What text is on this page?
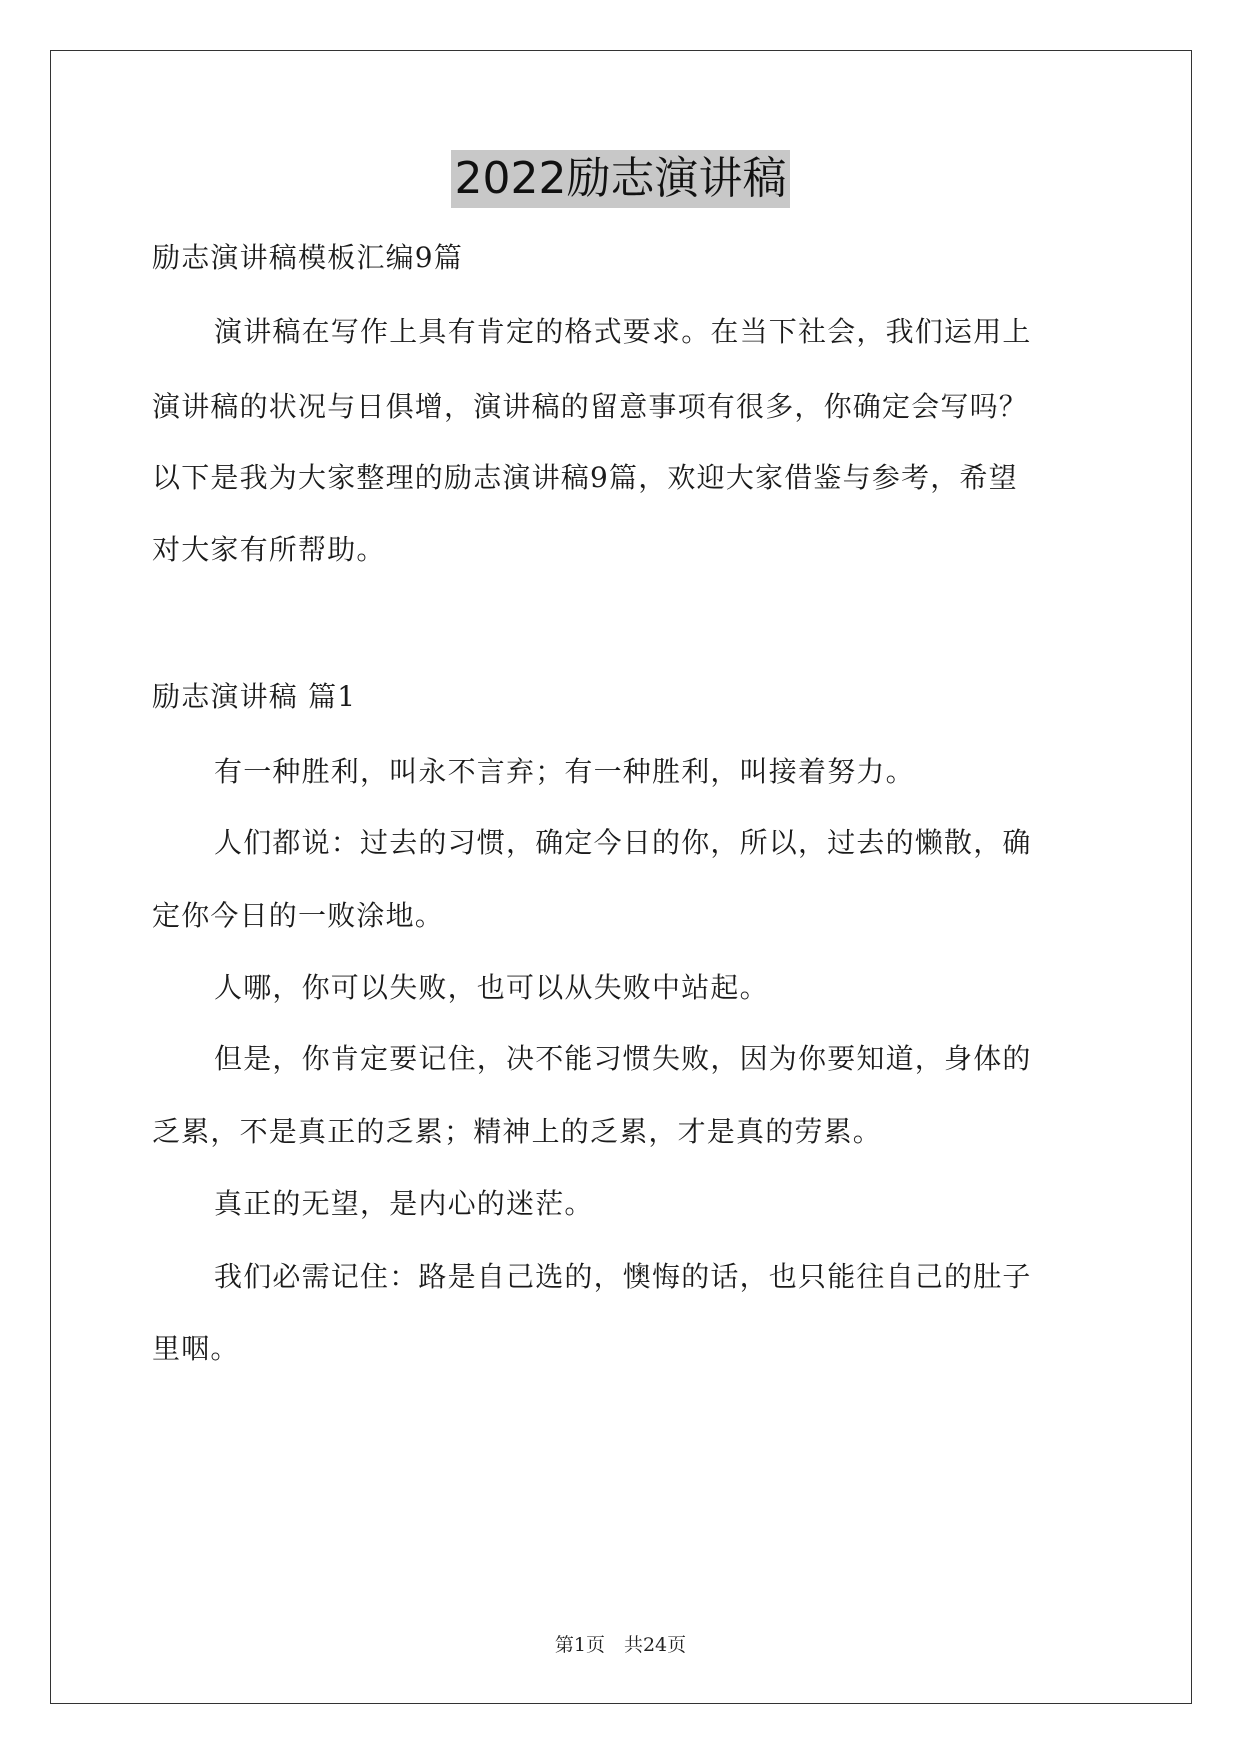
2022励志演讲稿
励志演讲稿模板汇编9篇
演讲稿在写作上具有肯定的格式要求。在当下社会，我们运用上
演讲稿的状况与日俱增，演讲稿的留意事项有很多，你确定会写吗？
以下是我为大家整理的励志演讲稿9篇，欢迎大家借鉴与参考，希望
对大家有所帮助。
励志演讲稿 篇1
有一种胜利，叫永不言弃；有一种胜利，叫接着努力。
人们都说：过去的习惯，确定今日的你，所以，过去的懒散，确
定你今日的一败涂地。
人哪，你可以失败，也可以从失败中站起。
但是，你肯定要记住，决不能习惯失败，因为你要知道，身体的
乏累，不是真正的乏累；精神上的乏累，才是真的劳累。
真正的无望，是内心的迷茫。
我们必需记住：路是自己选的，懊悔的话，也只能往自己的肚子
里咽。
第1页　共24页
